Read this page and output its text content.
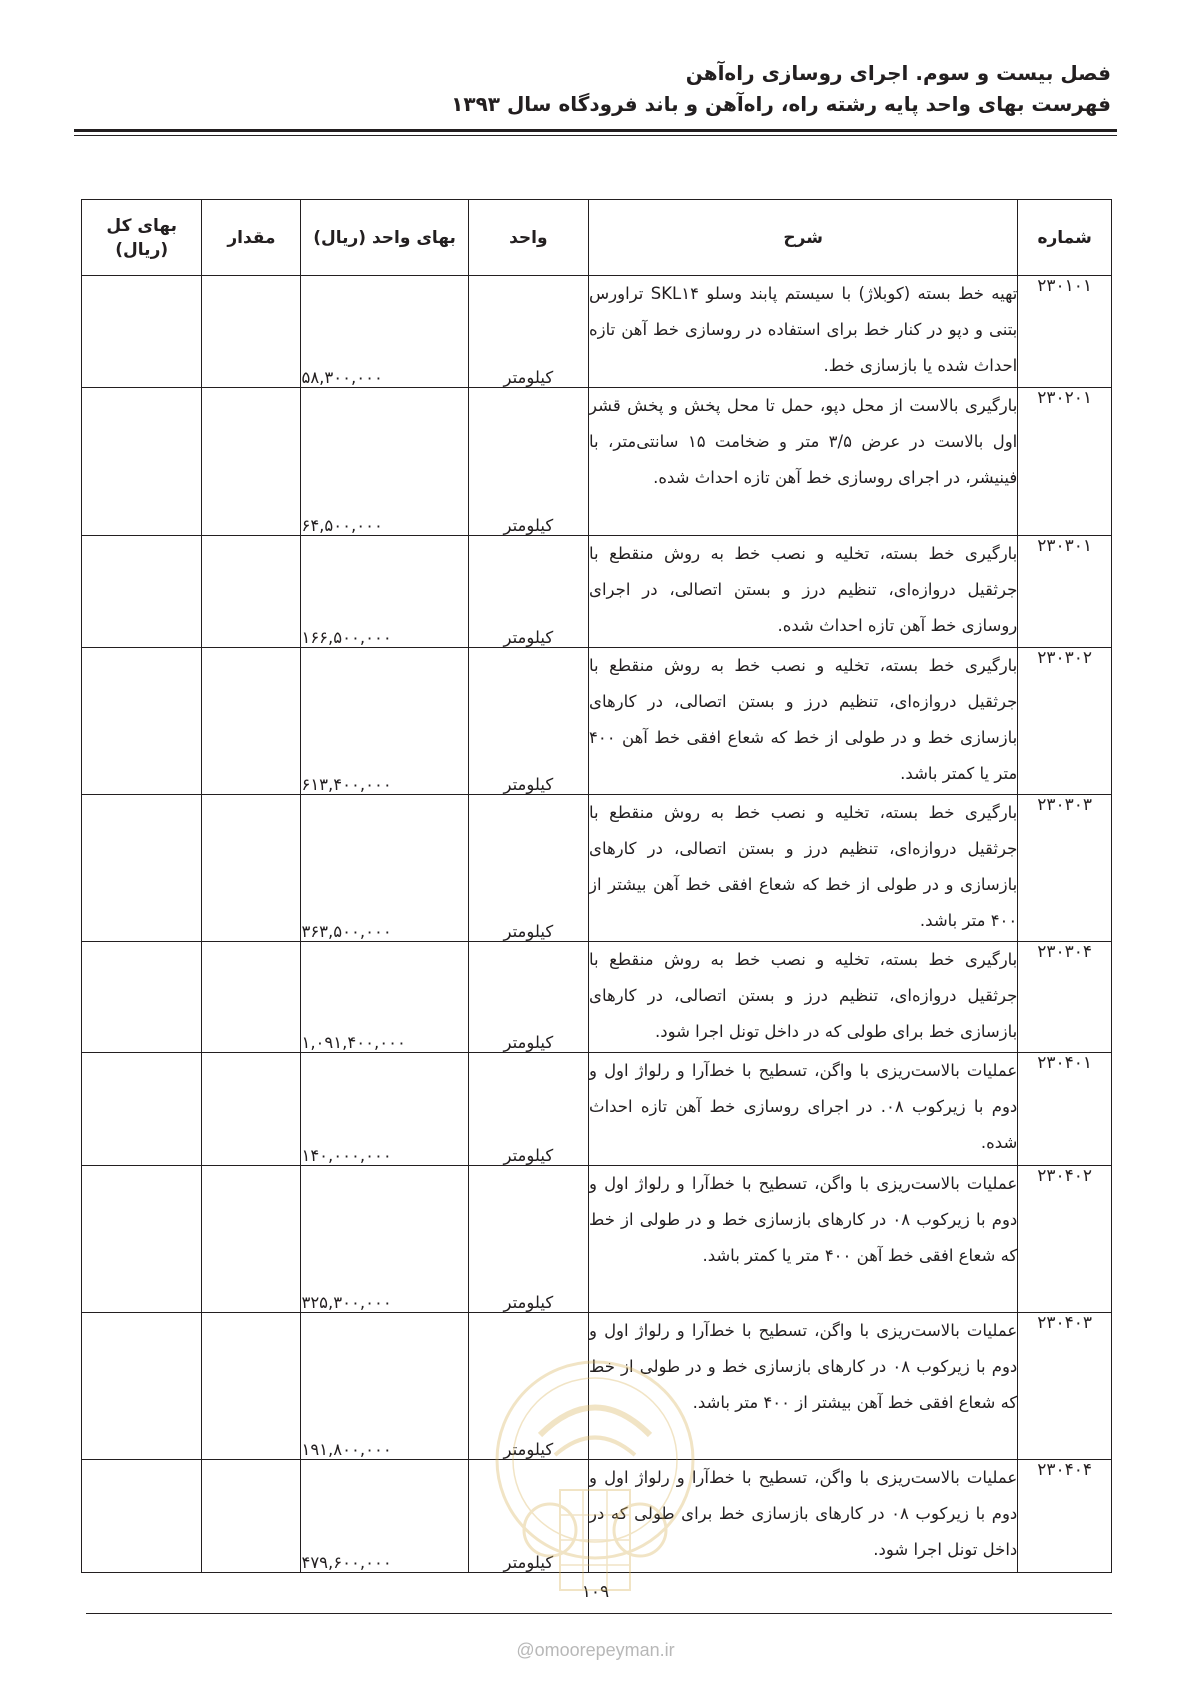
فصل بیست و سوم. اجرای روسازی راه‌آهن
فهرست بهای واحد پایه رشته راه، راه‌آهن و باند فرودگاه سال ۱۳۹۳
شماره	شرح	واحد	بهای واحد (ریال)	مقدار	بهای کل (ریال)
۲۳۰۱۰۱	تهیه خط بسته (کوبلاژ) با سیستم پابند وسلو SKL۱۴ تراورس بتنی و دپو در کنار خط برای استفاده در روسازی خط آهن تازه احداث شده یا بازسازی خط.	کیلومتر	۵۸,۳۰۰,۰۰۰		
۲۳۰۲۰۱	بارگیری بالاست از محل دپو، حمل تا محل پخش و پخش قشر اول بالاست در عرض ۳/۵ متر و ضخامت ۱۵ سانتی‌متر، با فینیشر، در اجرای روسازی خط آهن تازه احداث شده.	کیلومتر	۶۴,۵۰۰,۰۰۰		
۲۳۰۳۰۱	بارگیری خط بسته، تخلیه و نصب خط به روش منقطع با جرثقیل دروازه‌ای، تنظیم درز و بستن اتصالی، در اجرای روسازی خط آهن تازه احداث شده.	کیلومتر	۱۶۶,۵۰۰,۰۰۰		
۲۳۰۳۰۲	بارگیری خط بسته، تخلیه و نصب خط به روش منقطع با جرثقیل دروازه‌ای، تنظیم درز و بستن اتصالی، در کارهای بازسازی خط و در طولی از خط که شعاع افقی خط آهن ۴۰۰ متر یا کمتر باشد.	کیلومتر	۶۱۳,۴۰۰,۰۰۰		
۲۳۰۳۰۳	بارگیری خط بسته، تخلیه و نصب خط به روش منقطع با جرثقیل دروازه‌ای، تنظیم درز و بستن اتصالی، در کارهای بازسازی و در طولی از خط که شعاع افقی خط آهن بیشتر از ۴۰۰ متر باشد.	کیلومتر	۳۶۳,۵۰۰,۰۰۰		
۲۳۰۳۰۴	بارگیری خط بسته، تخلیه و نصب خط به روش منقطع با جرثقیل دروازه‌ای، تنظیم درز و بستن اتصالی، در کارهای بازسازی خط برای طولی که در داخل تونل اجرا شود.	کیلومتر	۱,۰۹۱,۴۰۰,۰۰۰		
۲۳۰۴۰۱	عملیات بالاست‌ریزی با واگن، تسطیح با خط‌آرا و رلواژ اول و دوم با زیرکوب ۰۸. در اجرای روسازی خط آهن تازه احداث شده.	کیلومتر	۱۴۰,۰۰۰,۰۰۰		
۲۳۰۴۰۲	عملیات بالاست‌ریزی با واگن، تسطیح با خط‌آرا و رلواژ اول و دوم با زیرکوب ۰۸ در کارهای بازسازی خط و در طولی از خط که شعاع افقی خط آهن ۴۰۰ متر یا کمتر باشد.	کیلومتر	۳۲۵,۳۰۰,۰۰۰		
۲۳۰۴۰۳	عملیات بالاست‌ریزی با واگن، تسطیح با خط‌آرا و رلواژ اول و دوم با زیرکوب ۰۸ در کارهای بازسازی خط و در طولی از خط که شعاع افقی خط آهن بیشتر از ۴۰۰ متر باشد.	کیلومتر	۱۹۱,۸۰۰,۰۰۰		
۲۳۰۴۰۴	عملیات بالاست‌ریزی با واگن، تسطیح با خط‌آرا و رلواژ اول و دوم با زیرکوب ۰۸ در کارهای بازسازی خط برای طولی که در داخل تونل اجرا شود.	کیلومتر	۴۷۹,۶۰۰,۰۰۰		
۱۰۹
@omoorepeyman.ir
